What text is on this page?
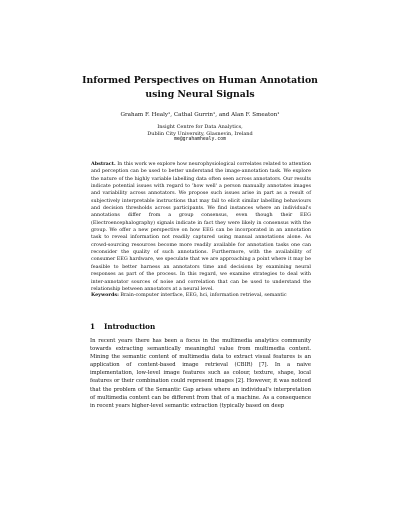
Informed Perspectives on Human Annotation using Neural Signals
Graham F. Healy¹, Cathal Gurrin¹, and Alan F. Smeaton¹
Insight Centre for Data Analytics,
Dublin City University, Glasnevin, Ireland
me@grahamhealy.com
Abstract. In this work we explore how neurophysiological correlates related to attention and perception can be used to better understand the image-annotation task. We explore the nature of the highly variable labelling data often seen across annotators. Our results indicate potential issues with regard to 'how well' a person manually annotates images and variability across annotators. We propose such issues arise in part as a result of subjectively interpretable instructions that may fail to elicit similar labelling behaviours and decision thresholds across participants. We find instances where an individual's annotations differ from a group consensus, even though their EEG (Electroencephalography) signals indicate in fact they were likely in consensus with the group. We offer a new perspective on how EEG can be incorporated in an annotation task to reveal information not readily captured using manual annotations alone. As crowd-sourcing resources become more readily available for annotation tasks one can reconsider the quality of such annotations. Furthermore, with the availability of consumer EEG hardware, we speculate that we are approaching a point where it may be feasible to better harness an annotators time and decisions by examining neural responses as part of the process. In this regard, we examine strategies to deal with inter-annotator sources of noise and correlation that can be used to understand the relationship between annotators at a neural level.
Keywords: Brain-computer interface, EEG, hci, information retrieval, semantic
1 Introduction
In recent years there has been a focus in the multimedia analytics community towards extracting semantically meaningful value from multimedia content. Mining the semantic content of multimedia data to extract visual features is an application of content-based image retrieval (CBIR) [7]. In a naive implementation, low-level image features such as colour, texture, shape, local features or their combination could represent images [2]. However, it was noticed that the problem of the Semantic Gap arises where an individual's interpretation of multimedia content can be different from that of a machine. As a consequence in recent years higher-level semantic extraction (typically based on deep
